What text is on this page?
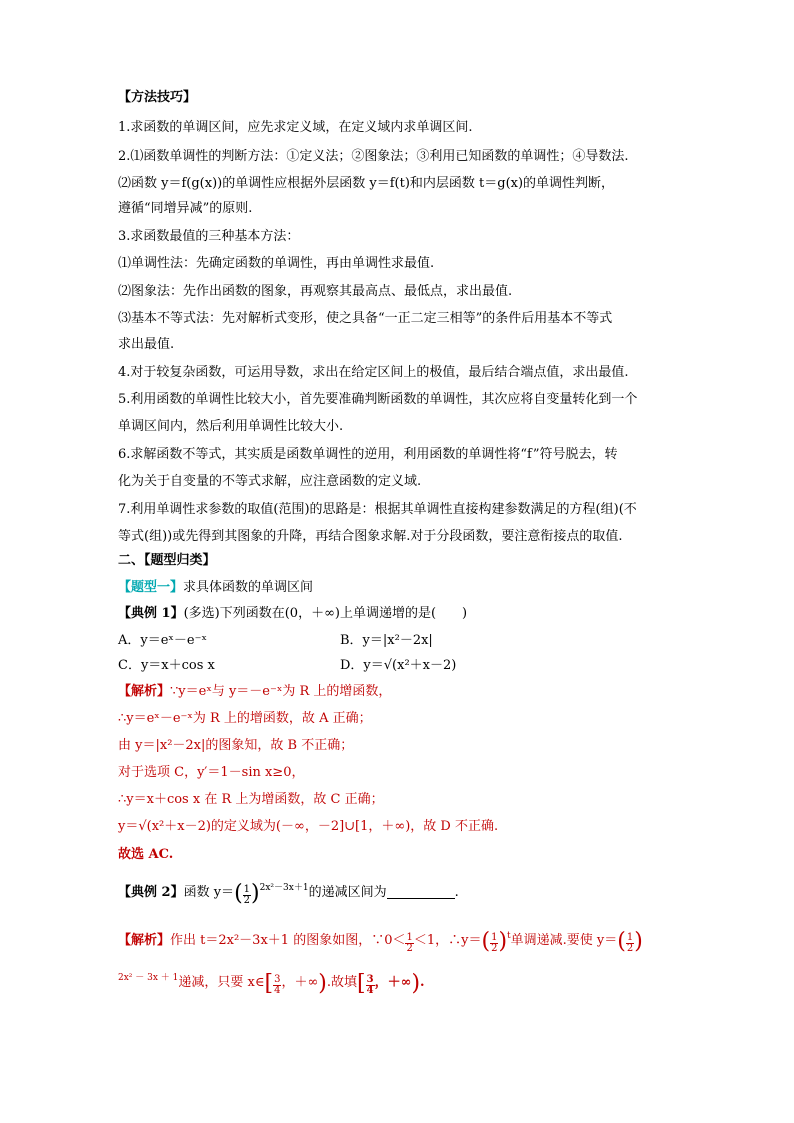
【方法技巧】
1.求函数的单调区间，应先求定义域，在定义域内求单调区间.
2.⑴函数单调性的判断方法：①定义法；②图象法；③利用已知函数的单调性；④导数法.
⑵函数 y＝f(g(x))的单调性应根据外层函数 y＝f(t)和内层函数 t＝g(x)的单调性判断，
遵循“同增异减”的原则.
3.求函数最值的三种基本方法：
⑴单调性法：先确定函数的单调性，再由单调性求最值.
⑵图象法：先作出函数的图象，再观察其最高点、最低点，求出最值.
⑶基本不等式法：先对解析式变形，使之具备“一正二定三相等”的条件后用基本不等式
求出最值.
4.对于较复杂函数，可运用导数，求出在给定区间上的极值，最后结合端点值，求出最值.
5.利用函数的单调性比较大小，首先要准确判断函数的单调性，其次应将自变量转化到一个
单调区间内，然后利用单调性比较大小.
6.求解函数不等式，其实质是函数单调性的逆用，利用函数的单调性将“f”符号脱去，转
化为关于自变量的不等式求解，应注意函数的定义域.
7.利用单调性求参数的取值(范围)的思路是：根据其单调性直接构建参数满足的方程(组)(不
等式(组))或先得到其图象的升降，再结合图象求解.对于分段函数，要注意衔接点的取值.
二、【题型归类】
【题型一】求具体函数的单调区间
【典例 1】(多选)下列函数在(0，＋∞)上单调递增的是(　　)
A．y＝eˣ－e⁻ˣ	B．y＝|x²－2x|
C．y＝x＋cos x	D．y＝√(x²＋x－2)
【解析】∵y＝eˣ与 y＝－e⁻ˣ为 R 上的增函数，
∴y＝eˣ－e⁻ˣ为 R 上的增函数，故 A 正确；
由 y＝|x²－2x|的图象知，故 B 不正确；
对于选项 C，y′＝1－sin x≥0，
∴y＝x＋cos x 在 R 上为增函数，故 C 正确；
y＝√(x²＋x－2)的定义域为(－∞，－2]∪[1，＋∞)，故 D 不正确.
故选 AC.
【典例 2】函数 $y=( \frac{1}{2} )^{2x^2-3x+1}$的递减区间为	.
【解析】作出 t＝2x²－3x＋1 的图象如图，∵0＜ $\frac{1}{2} <1$，∴y＝( $\frac{1}{2} )^t$单调递减.要使 $y=( \frac{1}{2}$ )
$^{2x^2 - 3x + 1}$递减，只要 x∈[ $\frac{3}{4}$ ，＋∞).故填[ $\frac{3}{4}$ ，＋∞).
